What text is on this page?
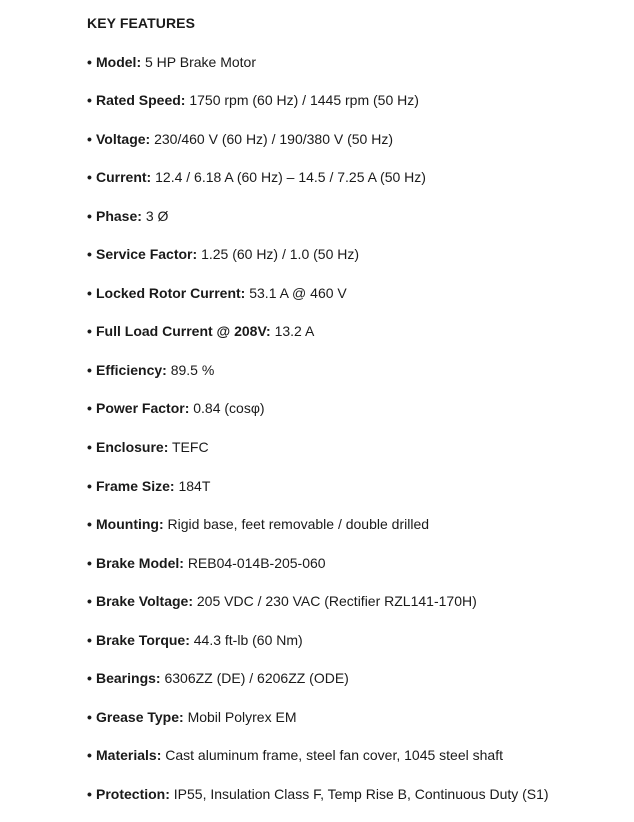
KEY FEATURES
• Model: 5 HP Brake Motor
• Rated Speed: 1750 rpm (60 Hz) / 1445 rpm (50 Hz)
• Voltage: 230/460 V (60 Hz) / 190/380 V (50 Hz)
• Current: 12.4 / 6.18 A (60 Hz) – 14.5 / 7.25 A (50 Hz)
• Phase: 3 Ø
• Service Factor: 1.25 (60 Hz) / 1.0 (50 Hz)
• Locked Rotor Current: 53.1 A @ 460 V
• Full Load Current @ 208V: 13.2 A
• Efficiency: 89.5 %
• Power Factor: 0.84 (cosφ)
• Enclosure: TEFC
• Frame Size: 184T
• Mounting: Rigid base, feet removable / double drilled
• Brake Model: REB04-014B-205-060
• Brake Voltage: 205 VDC / 230 VAC (Rectifier RZL141-170H)
• Brake Torque: 44.3 ft-lb (60 Nm)
• Bearings: 6306ZZ (DE) / 6206ZZ (ODE)
• Grease Type: Mobil Polyrex EM
• Materials: Cast aluminum frame, steel fan cover, 1045 steel shaft
• Protection: IP55, Insulation Class F, Temp Rise B, Continuous Duty (S1)
